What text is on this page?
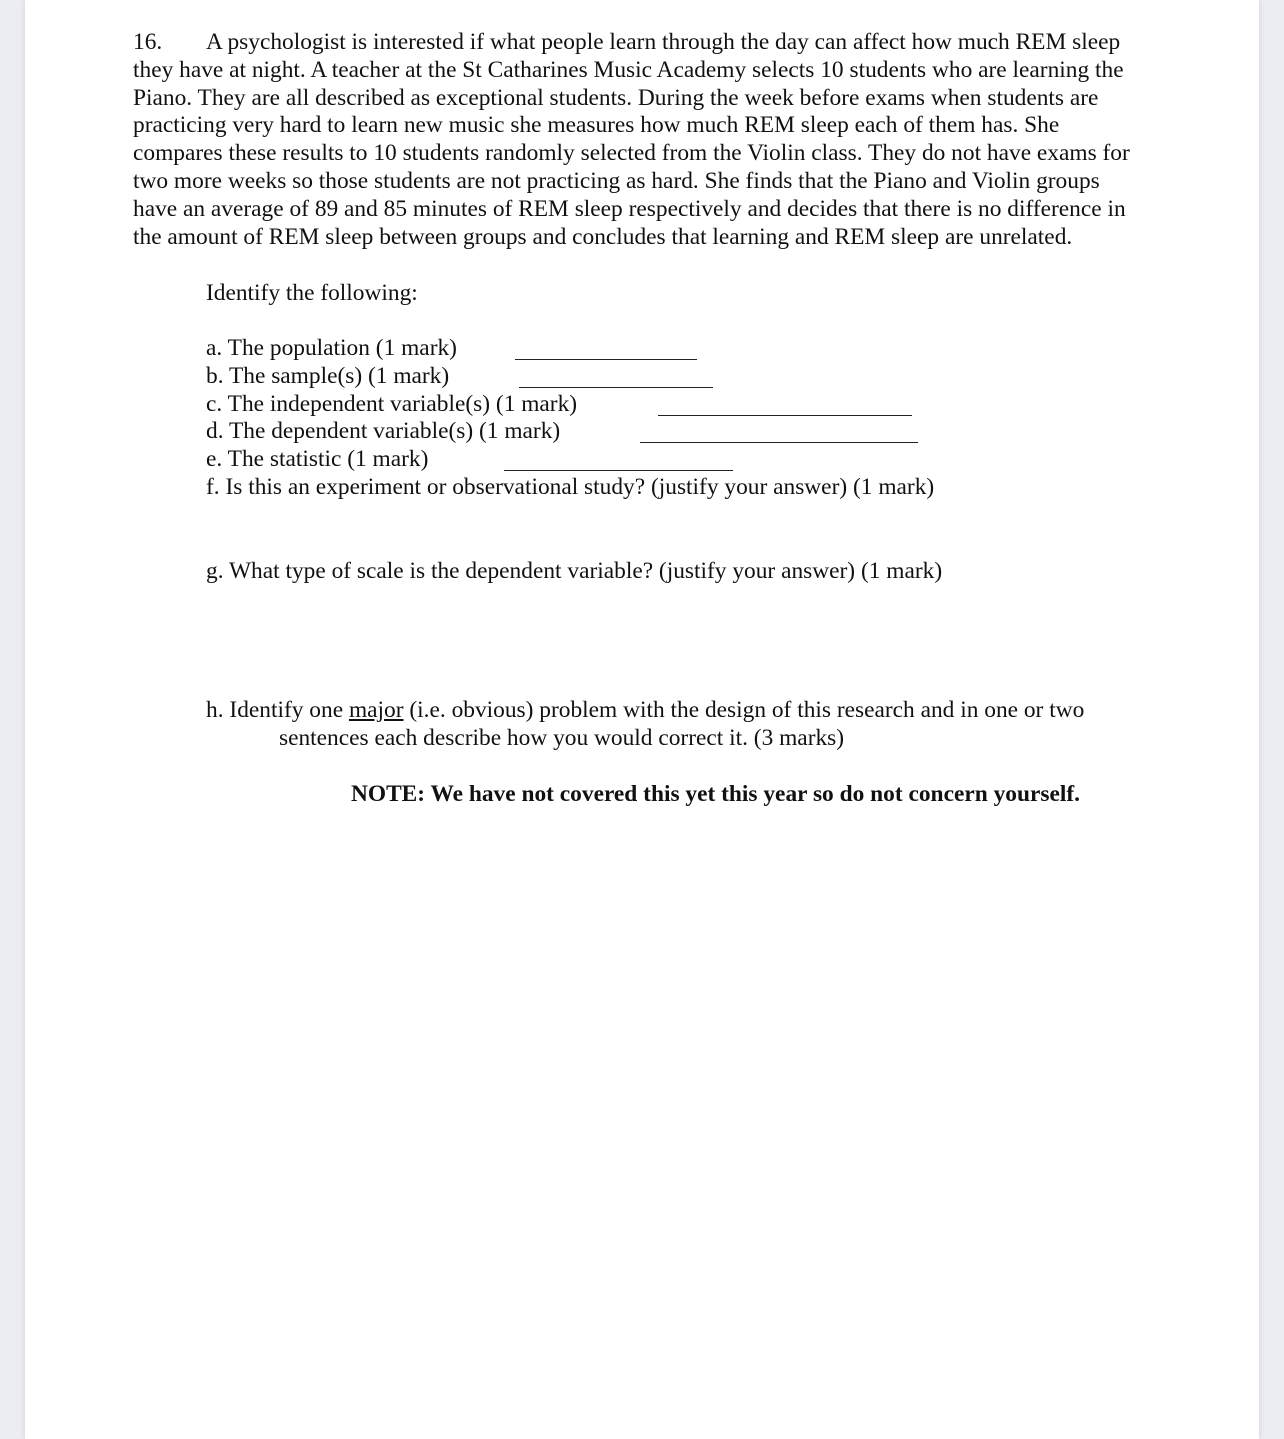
16. A psychologist is interested if what people learn through the day can affect how much REM sleep
they have at night. A teacher at the St Catharines Music Academy selects 10 students who are learning the
Piano. They are all described as exceptional students. During the week before exams when students are
practicing very hard to learn new music she measures how much REM sleep each of them has. She
compares these results to 10 students randomly selected from the Violin class. They do not have exams for
two more weeks so those students are not practicing as hard. She finds that the Piano and Violin groups
have an average of 89 and 85 minutes of REM sleep respectively and decides that there is no difference in
the amount of REM sleep between groups and concludes that learning and REM sleep are unrelated.
Identify the following:
a. The population (1 mark)
b. The sample(s) (1 mark)
c. The independent variable(s) (1 mark)
d. The dependent variable(s) (1 mark)
e. The statistic (1 mark)
f. Is this an experiment or observational study? (justify your answer) (1 mark)
g. What type of scale is the dependent variable? (justify your answer) (1 mark)
h. Identify one major (i.e. obvious) problem with the design of this research and in one or two
sentences each describe how you would correct it. (3 marks)
NOTE: We have not covered this yet this year so do not concern yourself.
